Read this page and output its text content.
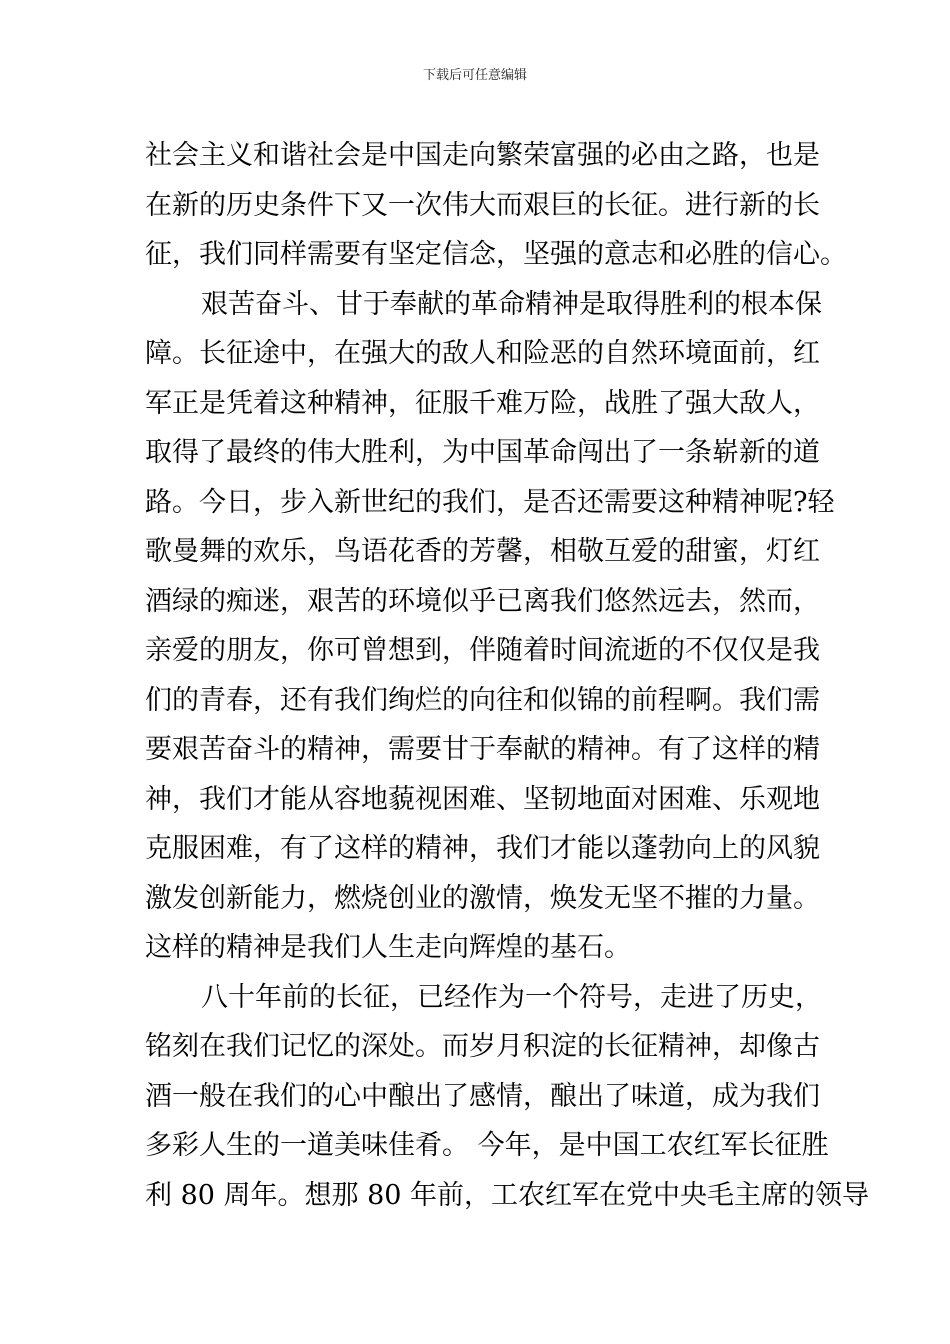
下载后可任意编辑
社会主义和谐社会是中国走向繁荣富强的必由之路，也是
在新的历史条件下又一次伟大而艰巨的长征。进行新的长
征，我们同样需要有坚定信念，坚强的意志和必胜的信心。
艰苦奋斗、甘于奉献的革命精神是取得胜利的根本保
障。长征途中，在强大的敌人和险恶的自然环境面前，红
军正是凭着这种精神，征服千难万险，战胜了强大敌人，
取得了最终的伟大胜利，为中国革命闯出了一条崭新的道
路。今日，步入新世纪的我们，是否还需要这种精神呢?轻
歌曼舞的欢乐，鸟语花香的芳馨，相敬互爱的甜蜜，灯红
酒绿的痴迷，艰苦的环境似乎已离我们悠然远去，然而，
亲爱的朋友，你可曾想到，伴随着时间流逝的不仅仅是我
们的青春，还有我们绚烂的向往和似锦的前程啊。我们需
要艰苦奋斗的精神，需要甘于奉献的精神。有了这样的精
神，我们才能从容地藐视困难、坚韧地面对困难、乐观地
克服困难，有了这样的精神，我们才能以蓬勃向上的风貌
激发创新能力，燃烧创业的激情，焕发无坚不摧的力量。
这样的精神是我们人生走向辉煌的基石。
八十年前的长征，已经作为一个符号，走进了历史，
铭刻在我们记忆的深处。而岁月积淀的长征精神，却像古
酒一般在我们的心中酿出了感情，酿出了味道，成为我们
多彩人生的一道美味佳肴。 今年，是中国工农红军长征胜
利 80 周年。想那 80 年前，工农红军在党中央毛主席的领导
